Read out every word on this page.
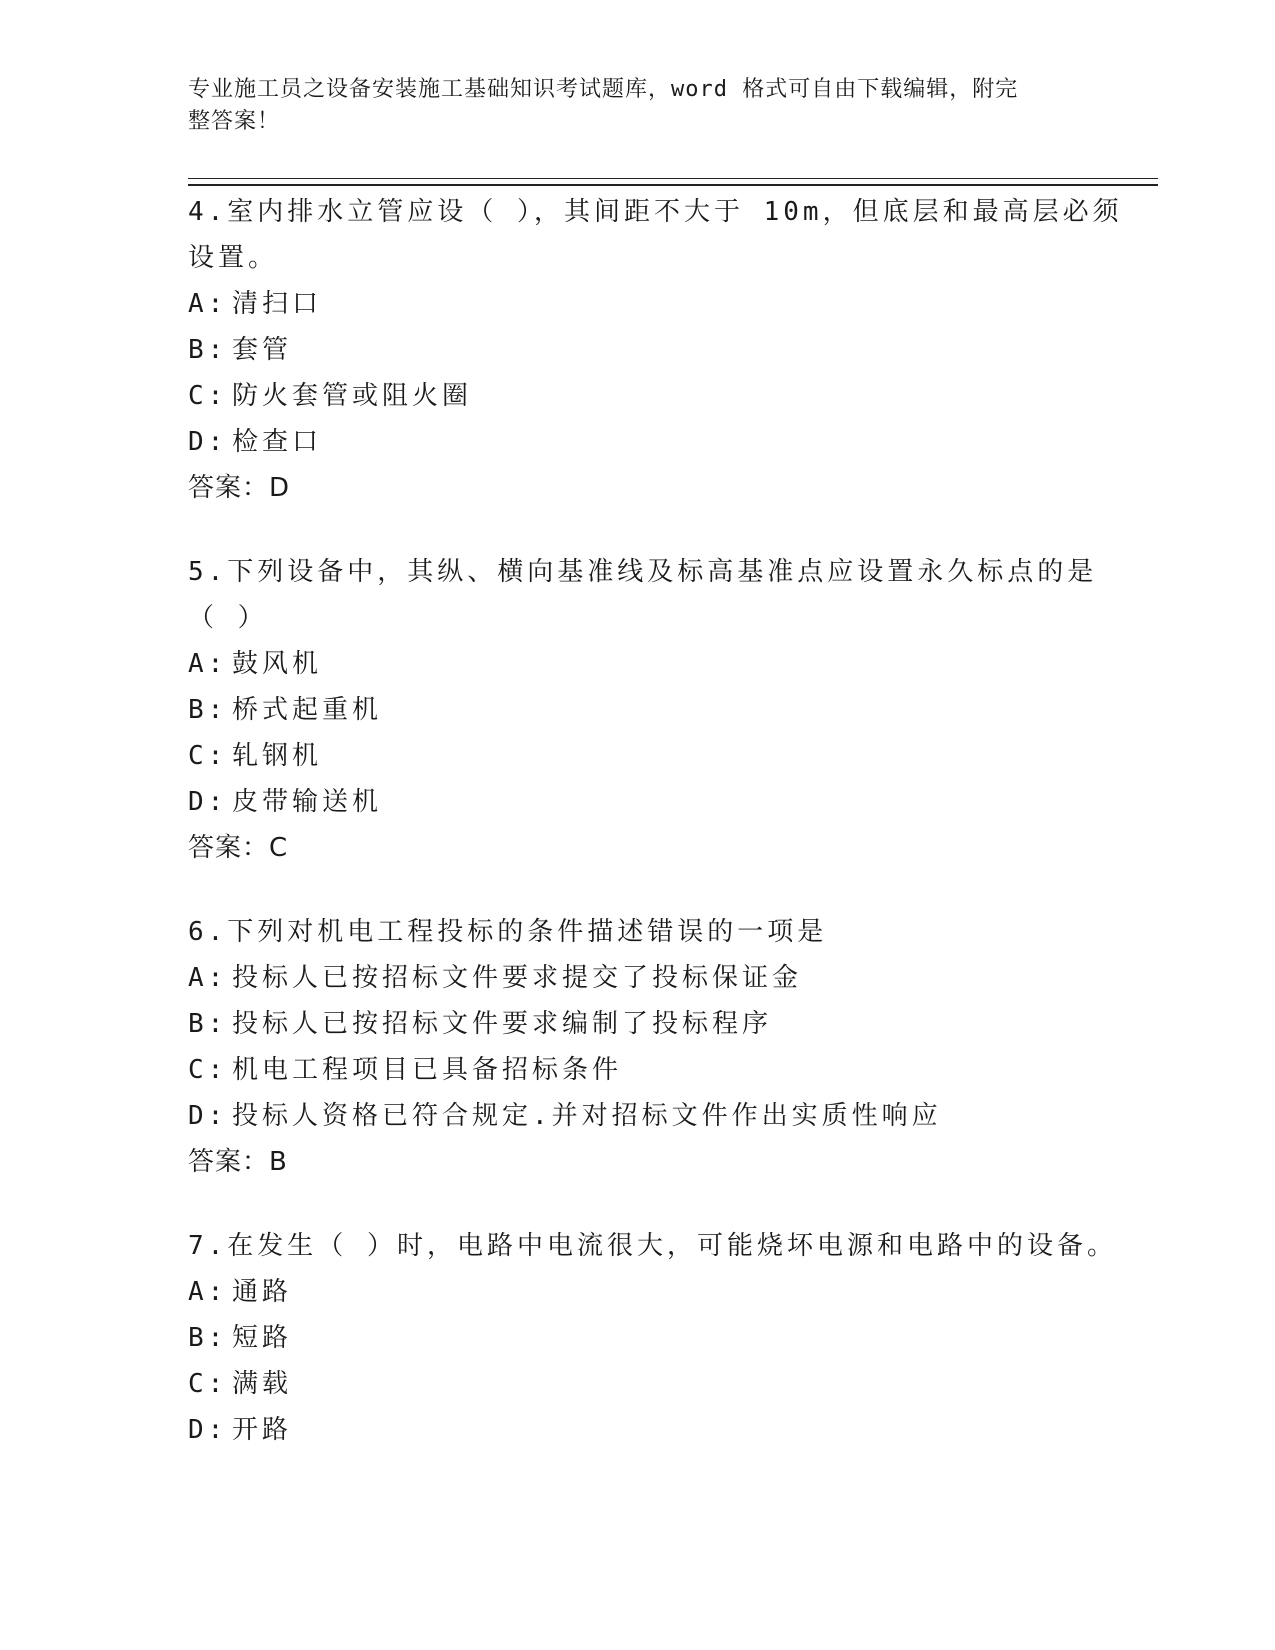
专业施工员之设备安装施工基础知识考试题库，word 格式可自由下载编辑，附完
整答案！
4.室内排水立管应设（ ），其间距不大于 10m，但底层和最高层必须
设置。
A: 清扫口
B: 套管
C: 防火套管或阻火圈
D: 检查口
答案：D
5.下列设备中，其纵、横向基准线及标高基准点应设置永久标点的是
（ ）
A: 鼓风机
B: 桥式起重机
C: 轧钢机
D: 皮带输送机
答案：C
6.下列对机电工程投标的条件描述错误的一项是
A: 投标人已按招标文件要求提交了投标保证金
B: 投标人已按招标文件要求编制了投标程序
C: 机电工程项目已具备招标条件
D: 投标人资格已符合规定.并对招标文件作出实质性响应
答案：B
7.在发生（ ）时，电路中电流很大，可能烧坏电源和电路中的设备。
A: 通路
B: 短路
C: 满载
D: 开路
